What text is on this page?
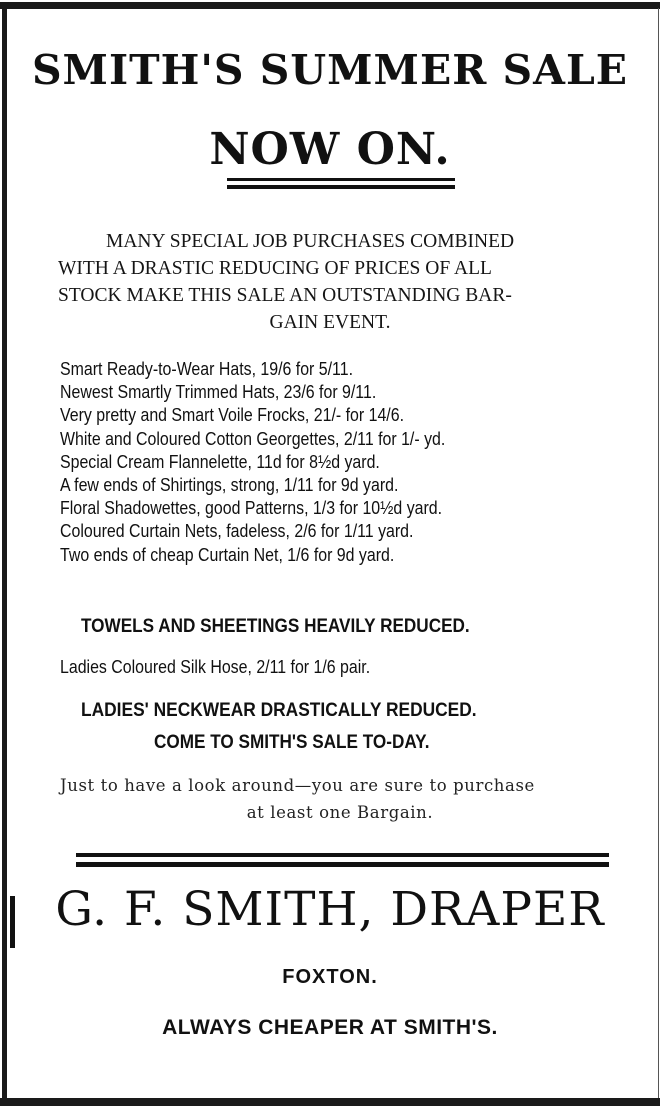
SMITH'S SUMMER SALE
NOW ON.
MANY SPECIAL JOB PURCHASES COMBINED
WITH A DRASTIC REDUCING OF PRICES OF ALL
STOCK MAKE THIS SALE AN OUTSTANDING BAR-
GAIN EVENT.
Smart Ready-to-Wear Hats, 19/6 for 5/11.
Newest Smartly Trimmed Hats, 23/6 for 9/11.
Very pretty and Smart Voile Frocks, 21/- for 14/6.
White and Coloured Cotton Georgettes, 2/11 for 1/- yd.
Special Cream Flannelette, 11d for 8½d yard.
A few ends of Shirtings, strong, 1/11 for 9d yard.
Floral Shadowettes, good Patterns, 1/3 for 10½d yard.
Coloured Curtain Nets, fadeless, 2/6 for 1/11 yard.
Two ends of cheap Curtain Net, 1/6 for 9d yard.
TOWELS AND SHEETINGS HEAVILY REDUCED.
Ladies Coloured Silk Hose, 2/11 for 1/6 pair.
LADIES' NECKWEAR DRASTICALLY REDUCED.
COME TO SMITH'S SALE TO-DAY.
Just to have a look around—you are sure to purchase
at least one Bargain.
G. F. SMITH, DRAPER
FOXTON.
ALWAYS CHEAPER AT SMITH'S.
